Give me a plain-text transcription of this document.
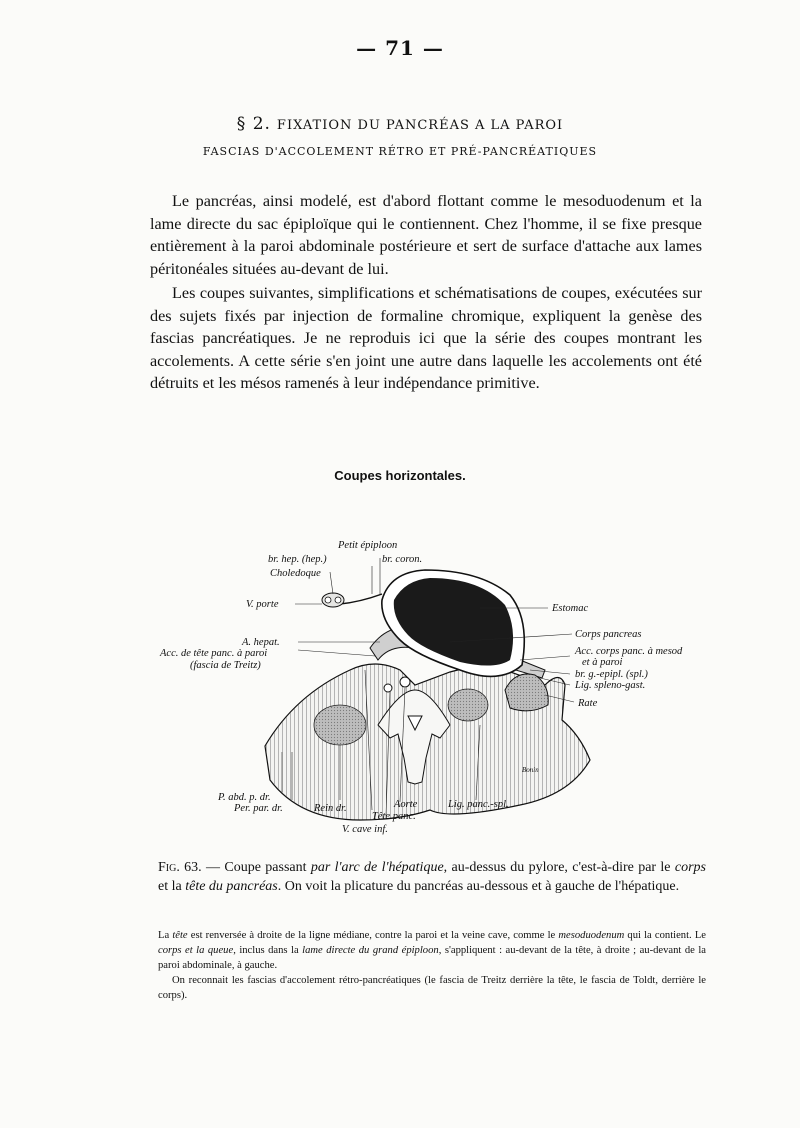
— 71 —
§ 2. FIXATION DU PANCRÉAS A LA PAROI
FASCIAS D'ACCOLEMENT RÉTRO ET PRÉ-PANCRÉATIQUES

Le pancréas, ainsi modelé, est d'abord flottant comme le mesoduodenum et la lame directe du sac épiploïque qui le contiennent. Chez l'homme, il se fixe presque entièrement à la paroi abdominale postérieure et sert de surface d'attache aux lames péritonéales situées au-devant de lui.

Les coupes suivantes, simplifications et schématisations de coupes, exécutées sur des sujets fixés par injection de formaline chromique, expliquent la genèse des fascias pancréatiques. Je ne reproduis ici que la série des coupes montrant les accolements. A cette série s'en joint une autre dans laquelle les accolements ont été détruits et les mésos ramenés à leur indépendance primitive.

Coupes horizontales.
Petit épiploon
br. hep. (hep.)	br. coron.
Choledoque
V. porte	Estomac
Corps pancreas
A. hepat.
Acc. de tête panc. à paroi
(fascia de Treitz)
Acc. corps panc. à mesod
et à paroi
br. g.-epipl. (spl.)
Lig. spleno-gast.
Rate
P. abd. p. dr.
Per. par. dr.	Rein dr.	Aorte
Tête panc.
Lig. panc.-spl.
V. cave inf.
Bonin
Fig. 63. — Coupe passant par l'arc de l'hépatique, au-dessus du pylore, c'est-à-dire par le corps et la tête du pancréas. On voit la plicature du pancréas au-dessous et à gauche de l'hépatique.

La tête est renversée à droite de la ligne médiane, contre la paroi et la veine cave, comme le mesoduodenum qui la contient. Le corps et la queue, inclus dans la lame directe du grand épiploon, s'appliquent : au-devant de la tête, à droite ; au-devant de la paroi abdominale, à gauche.

On reconnait les fascias d'accolement rétro-pancréatiques (le fascia de Treitz derrière la tête, le fascia de Toldt, derrière le corps).
